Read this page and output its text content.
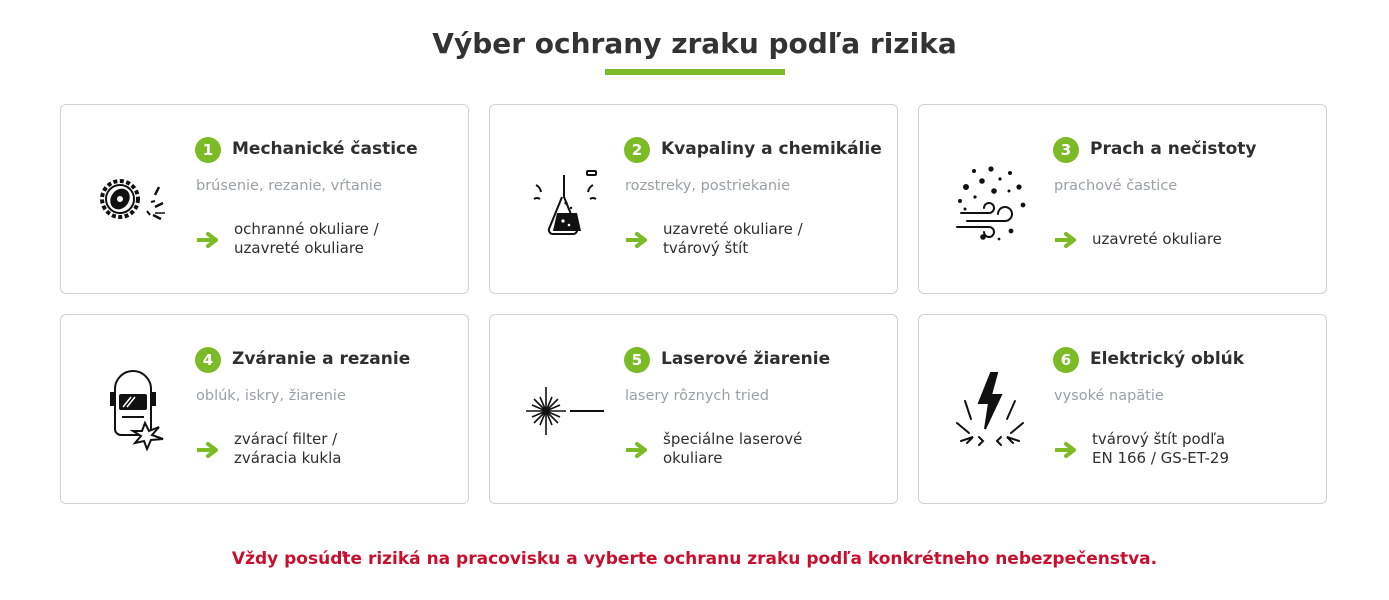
Výber ochrany zraku podľa rizika
1	Mechanické častice
brúsenie, rezanie, vŕtanie
ochranné okuliare /
uzavreté okuliare
2	Kvapaliny a chemikálie
rozstreky, postriekanie
uzavreté okuliare /
tvárový štít
3	Prach a nečistoty
prachové častice
uzavreté okuliare
4	Zváranie a rezanie
oblúk, iskry, žiarenie
zvárací filter /
zváracia kukla
5	Laserové žiarenie
lasery rôznych tried
špeciálne laserové
okuliare
6	Elektrický oblúk
vysoké napätie
tvárový štít podľa
EN 166 / GS-ET-29
Vždy posúďte riziká na pracovisku a vyberte ochranu zraku podľa konkrétneho nebezpečenstva.
